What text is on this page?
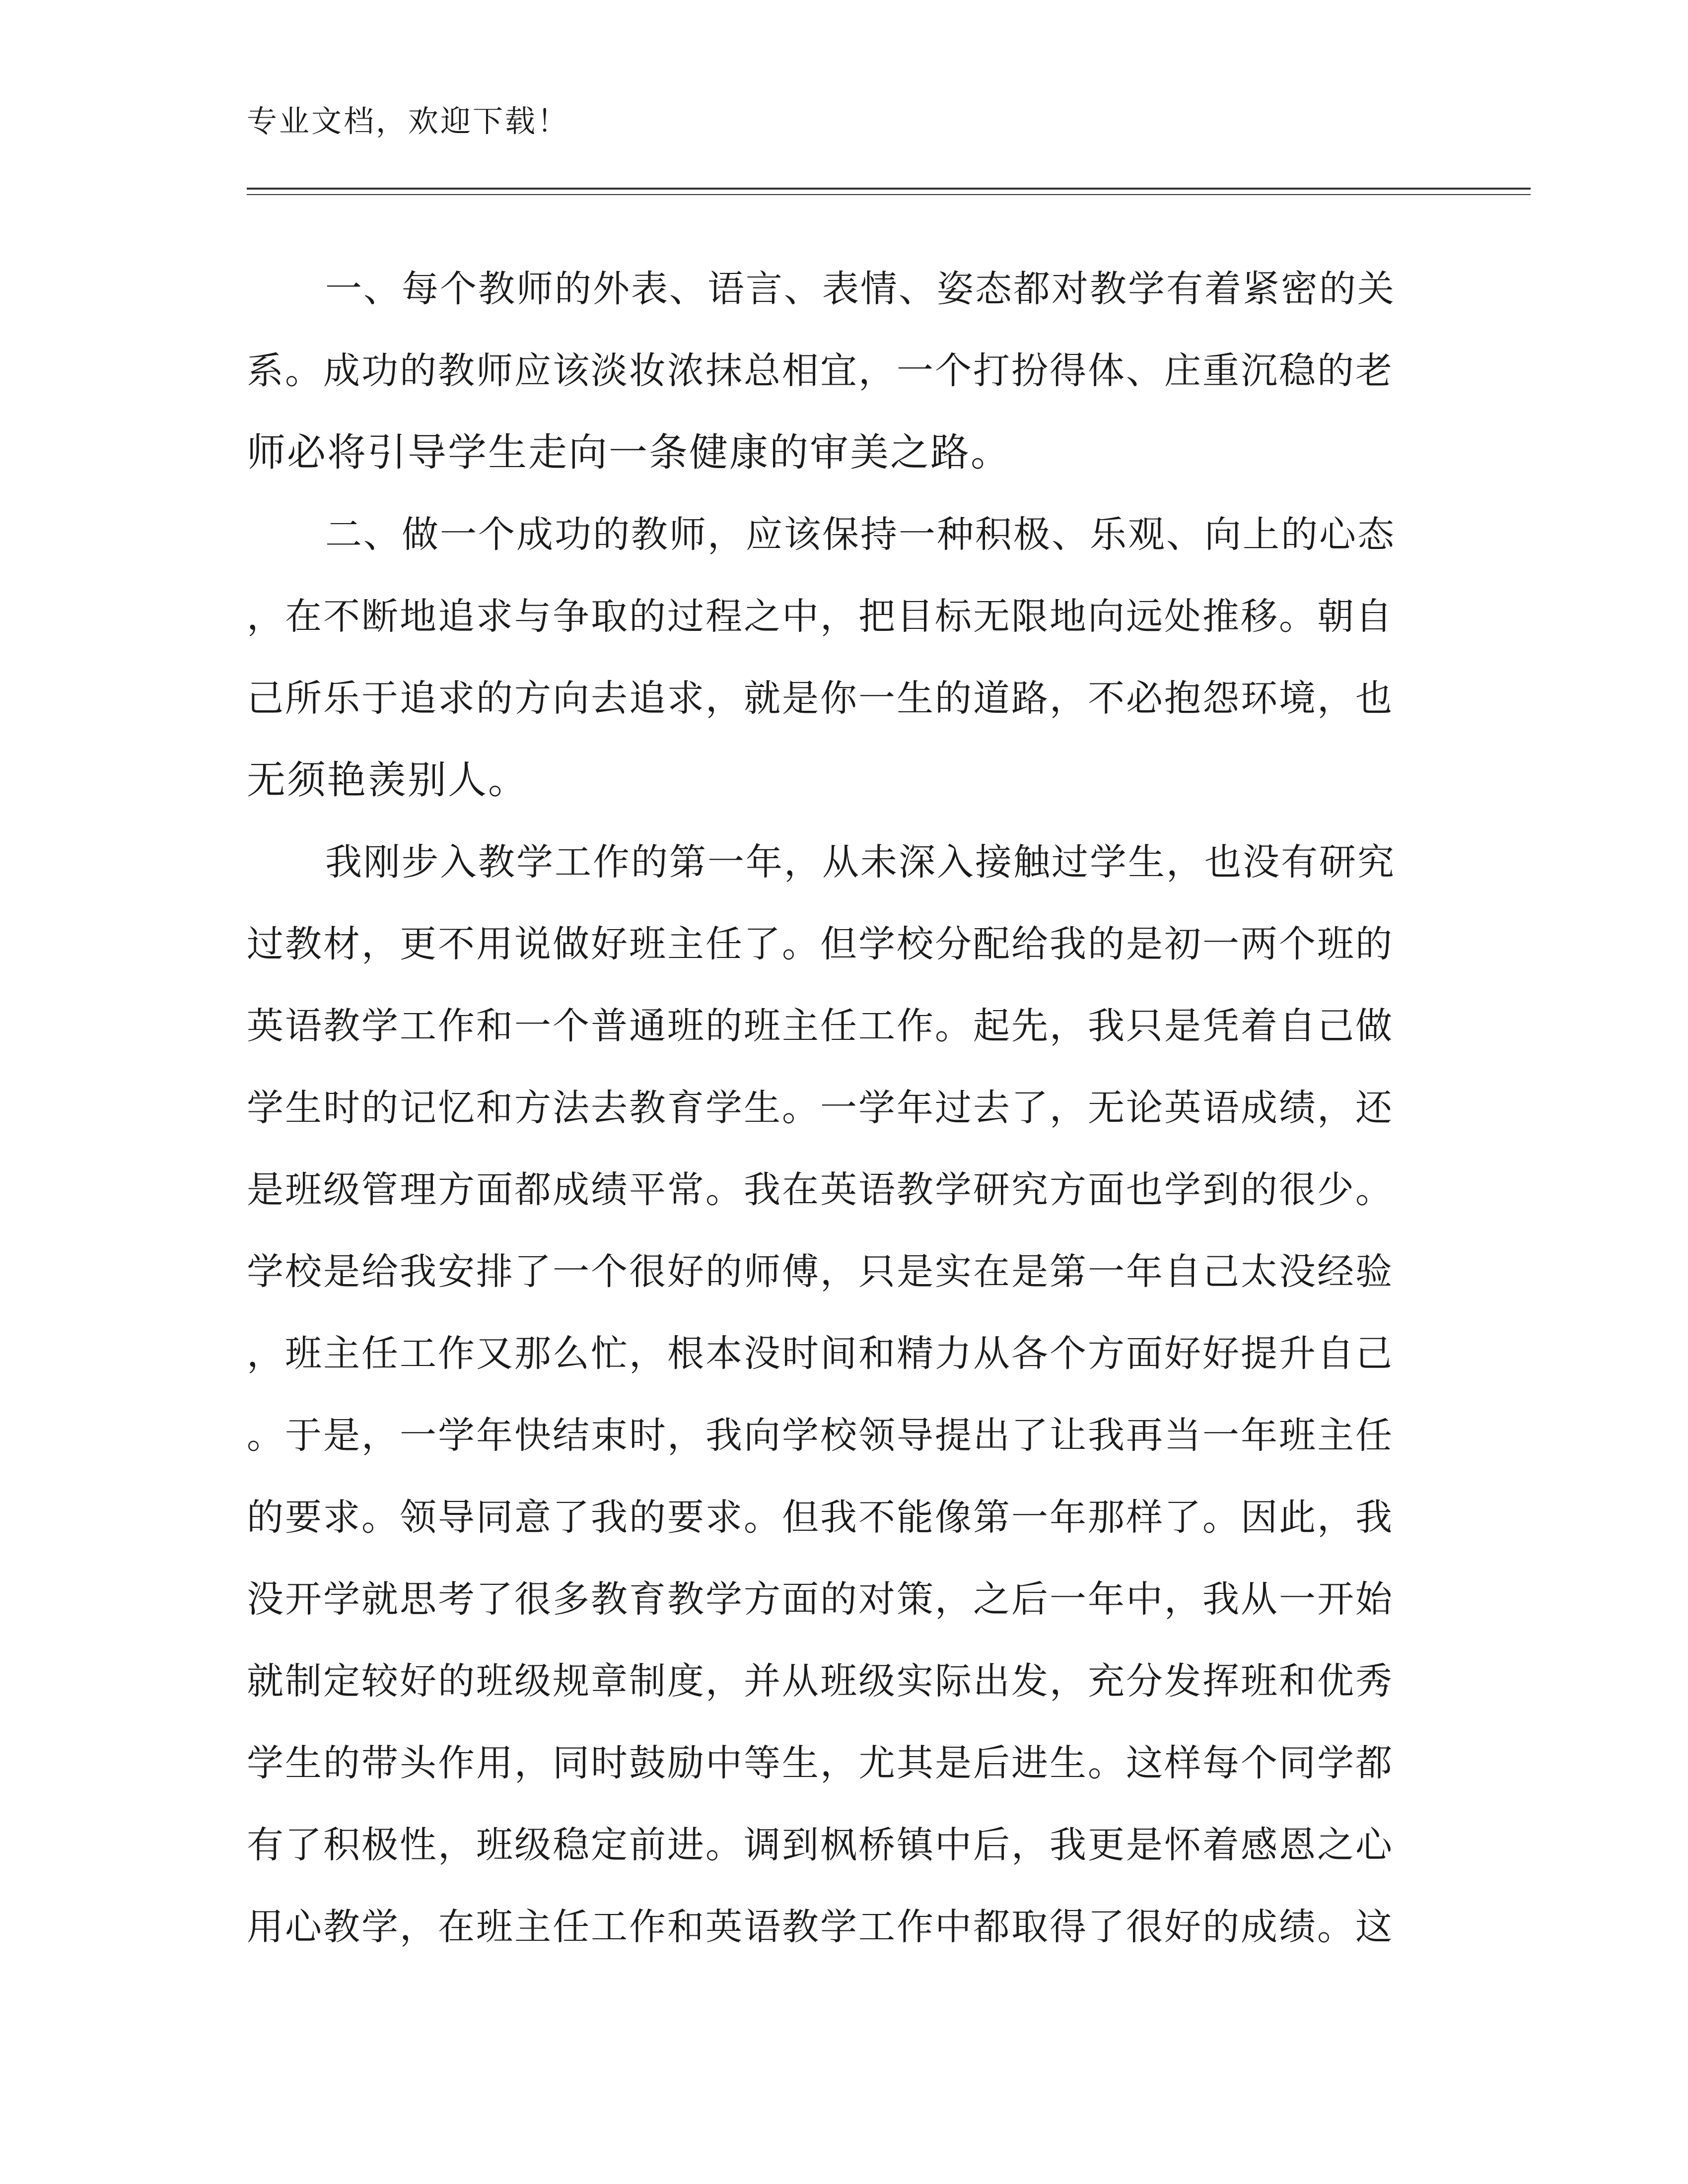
专业文档，欢迎下载！
一、每个教师的外表、语言、表情、姿态都对教学有着紧密的关
系。成功的教师应该淡妆浓抹总相宜，一个打扮得体、庄重沉稳的老
师必将引导学生走向一条健康的审美之路。
二、做一个成功的教师，应该保持一种积极、乐观、向上的心态
，在不断地追求与争取的过程之中，把目标无限地向远处推移。朝自
己所乐于追求的方向去追求，就是你一生的道路，不必抱怨环境，也
无须艳羡别人。
我刚步入教学工作的第一年，从未深入接触过学生，也没有研究
过教材，更不用说做好班主任了。但学校分配给我的是初一两个班的
英语教学工作和一个普通班的班主任工作。起先，我只是凭着自己做
学生时的记忆和方法去教育学生。一学年过去了，无论英语成绩，还
是班级管理方面都成绩平常。我在英语教学研究方面也学到的很少。
学校是给我安排了一个很好的师傅，只是实在是第一年自己太没经验
，班主任工作又那么忙，根本没时间和精力从各个方面好好提升自己
。于是，一学年快结束时，我向学校领导提出了让我再当一年班主任
的要求。领导同意了我的要求。但我不能像第一年那样了。因此，我
没开学就思考了很多教育教学方面的对策，之后一年中，我从一开始
就制定较好的班级规章制度，并从班级实际出发，充分发挥班和优秀
学生的带头作用，同时鼓励中等生，尤其是后进生。这样每个同学都
有了积极性，班级稳定前进。调到枫桥镇中后，我更是怀着感恩之心
用心教学，在班主任工作和英语教学工作中都取得了很好的成绩。这
